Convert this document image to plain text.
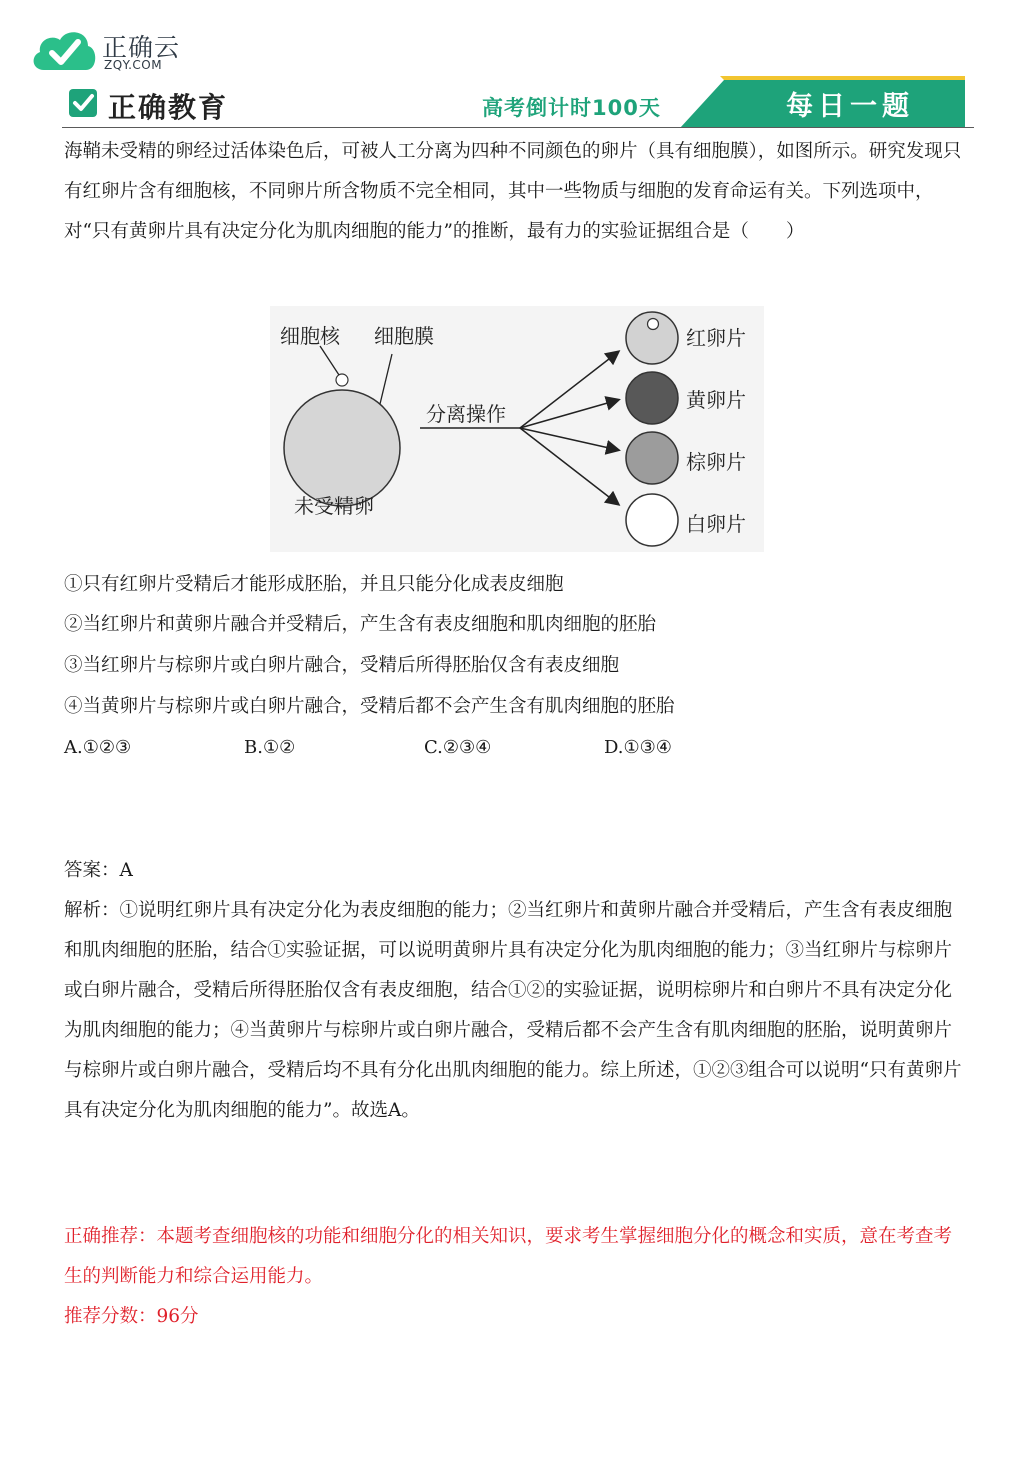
正确云
ZQY.COM
正确教育	高考倒计时100天	每日一题

海鞘未受精的卵经过活体染色后，可被人工分离为四种不同颜色的卵片（具有细胞膜），如图所示。研究发现只有红卵片含有细胞核，不同卵片所含物质不完全相同，其中一些物质与细胞的发育命运有关。下列选项中，对“只有黄卵片具有决定分化为肌肉细胞的能力”的推断，最有力的实验证据组合是（　　）

细胞核 细胞膜
未受精卵
分离操作
红卵片
黄卵片
棕卵片
白卵片
①只有红卵片受精后才能形成胚胎，并且只能分化成表皮细胞
②当红卵片和黄卵片融合并受精后，产生含有表皮细胞和肌肉细胞的胚胎
③当红卵片与棕卵片或白卵片融合，受精后所得胚胎仅含有表皮细胞
④当黄卵片与棕卵片或白卵片融合，受精后都不会产生含有肌肉细胞的胚胎
A.①②③	B.①②	C.②③④	D.①③④
答案：A

解析：①说明红卵片具有决定分化为表皮细胞的能力；②当红卵片和黄卵片融合并受精后，产生含有表皮细胞和肌肉细胞的胚胎，结合①实验证据，可以说明黄卵片具有决定分化为肌肉细胞的能力；③当红卵片与棕卵片或白卵片融合，受精后所得胚胎仅含有表皮细胞，结合①②的实验证据，说明棕卵片和白卵片不具有决定分化为肌肉细胞的能力；④当黄卵片与棕卵片或白卵片融合，受精后都不会产生含有肌肉细胞的胚胎，说明黄卵片与棕卵片或白卵片融合，受精后均不具有分化出肌肉细胞的能力。综上所述，①②③组合可以说明“只有黄卵片具有决定分化为肌肉细胞的能力”。故选A。

正确推荐：本题考查细胞核的功能和细胞分化的相关知识，要求考生掌握细胞分化的概念和实质，意在考查考生的判断能力和综合运用能力。

推荐分数：96分
